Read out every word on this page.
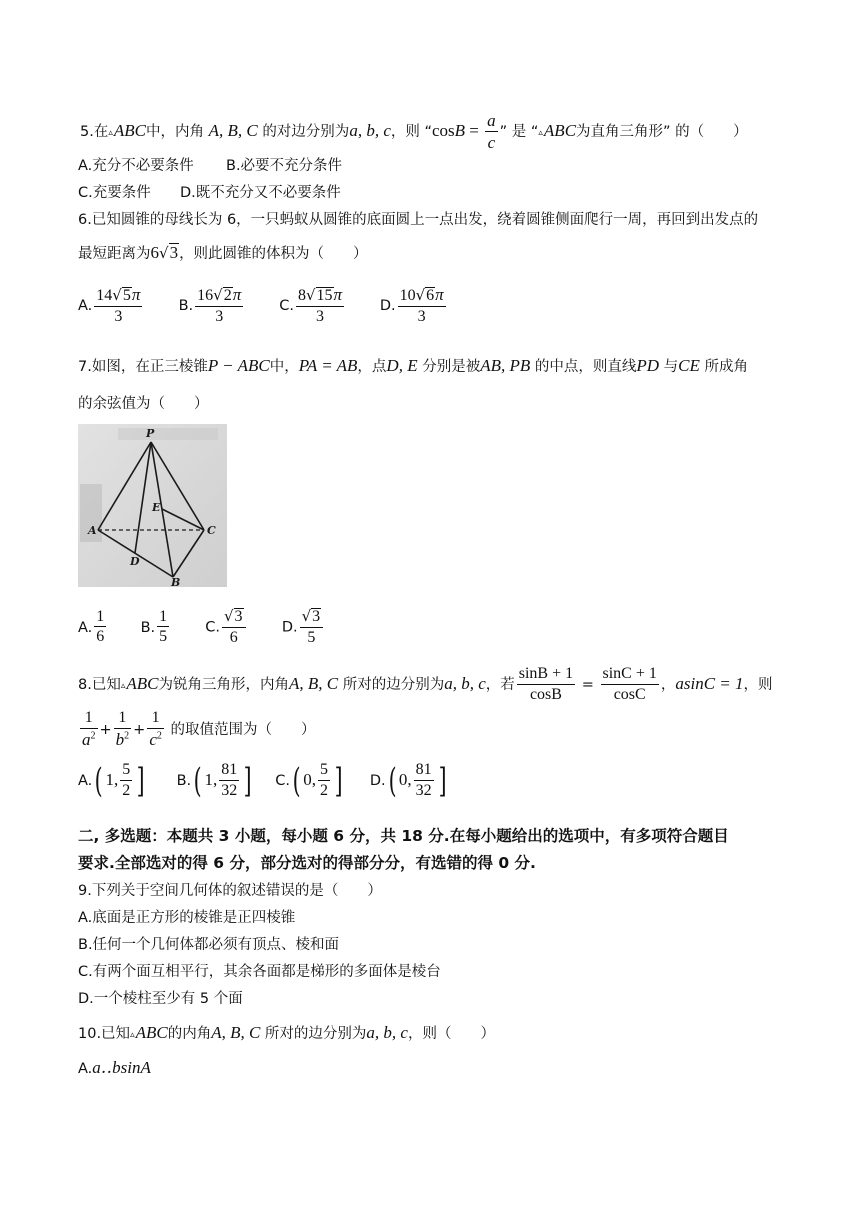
5.在▵ABC中，内角 A, B, C 的对边分别为a, b, c，则 “$\cos B = \frac{a}{c}$ ” 是 “▵ABC为直角三角形” 的（　　）
A.充分不必要条件 B.必要不充分条件
C.充要条件 D.既不充分又不必要条件
6.已知圆锥的母线长为 6，一只蚂蚁从圆锥的底面圆上一点出发，绕着圆锥侧面爬行一周，再回到出发点的
最短距离为6√3，则此圆锥的体积为（　　）
A. $\frac{14√5\pi}{3} B$. $\frac{16√2\pi}{3} C$. $\frac{8√15\pi}{3} D$. $\frac{10√6\pi}{3}$
7.如图，在正三棱锥P − ABC中，PA = AB，点D, E 分别是被AB, PB 的中点，则直线PD 与CE 所成角
的余弦值为（　　）
P
E
A	C
D
B
A. $\frac{1}{6} B$. $\frac{1}{5} C$. $\frac{√3}{6}$	D. $\frac{√3}{5}$
8.已知▵ABC为锐角三角形，内角A, B, C 所对的边分别为a, b, c，若 $\frac{\sin B + 1}{\cos B} = \frac{\sin C + 1}{\cos C}$ ，asinC = 1，则
$\frac{1}{a^2} + \frac{1}{b^2} + \frac{1}{c^2}$ 的取值范围为（　　）
A.( 1, $\frac{5}{2}$ ] B.( 1, $\frac{81}{32}$ ] C.( 0, $\frac{5}{2}$ ] D.( 0, $\frac{81}{32}$ ]
二, 多选题：本题共 3 小题，每小题 6 分，共 18 分.在每小题给出的选项中，有多项符合题目
要求.全部选对的得 6 分，部分选对的得部分分，有选错的得 0 分.
9.下列关于空间几何体的叙述错误的是（　　）
A.底面是正方形的棱锥是正四棱锥
B.任何一个几何体都必须有顶点、棱和面
C.有两个面互相平行，其余各面都是梯形的多面体是棱台
D.一个棱柱至少有 5 个面
10.已知▵ABC的内角A, B, C 所对的边分别为a, b, c，则（　　）
A.a‥bsinA
